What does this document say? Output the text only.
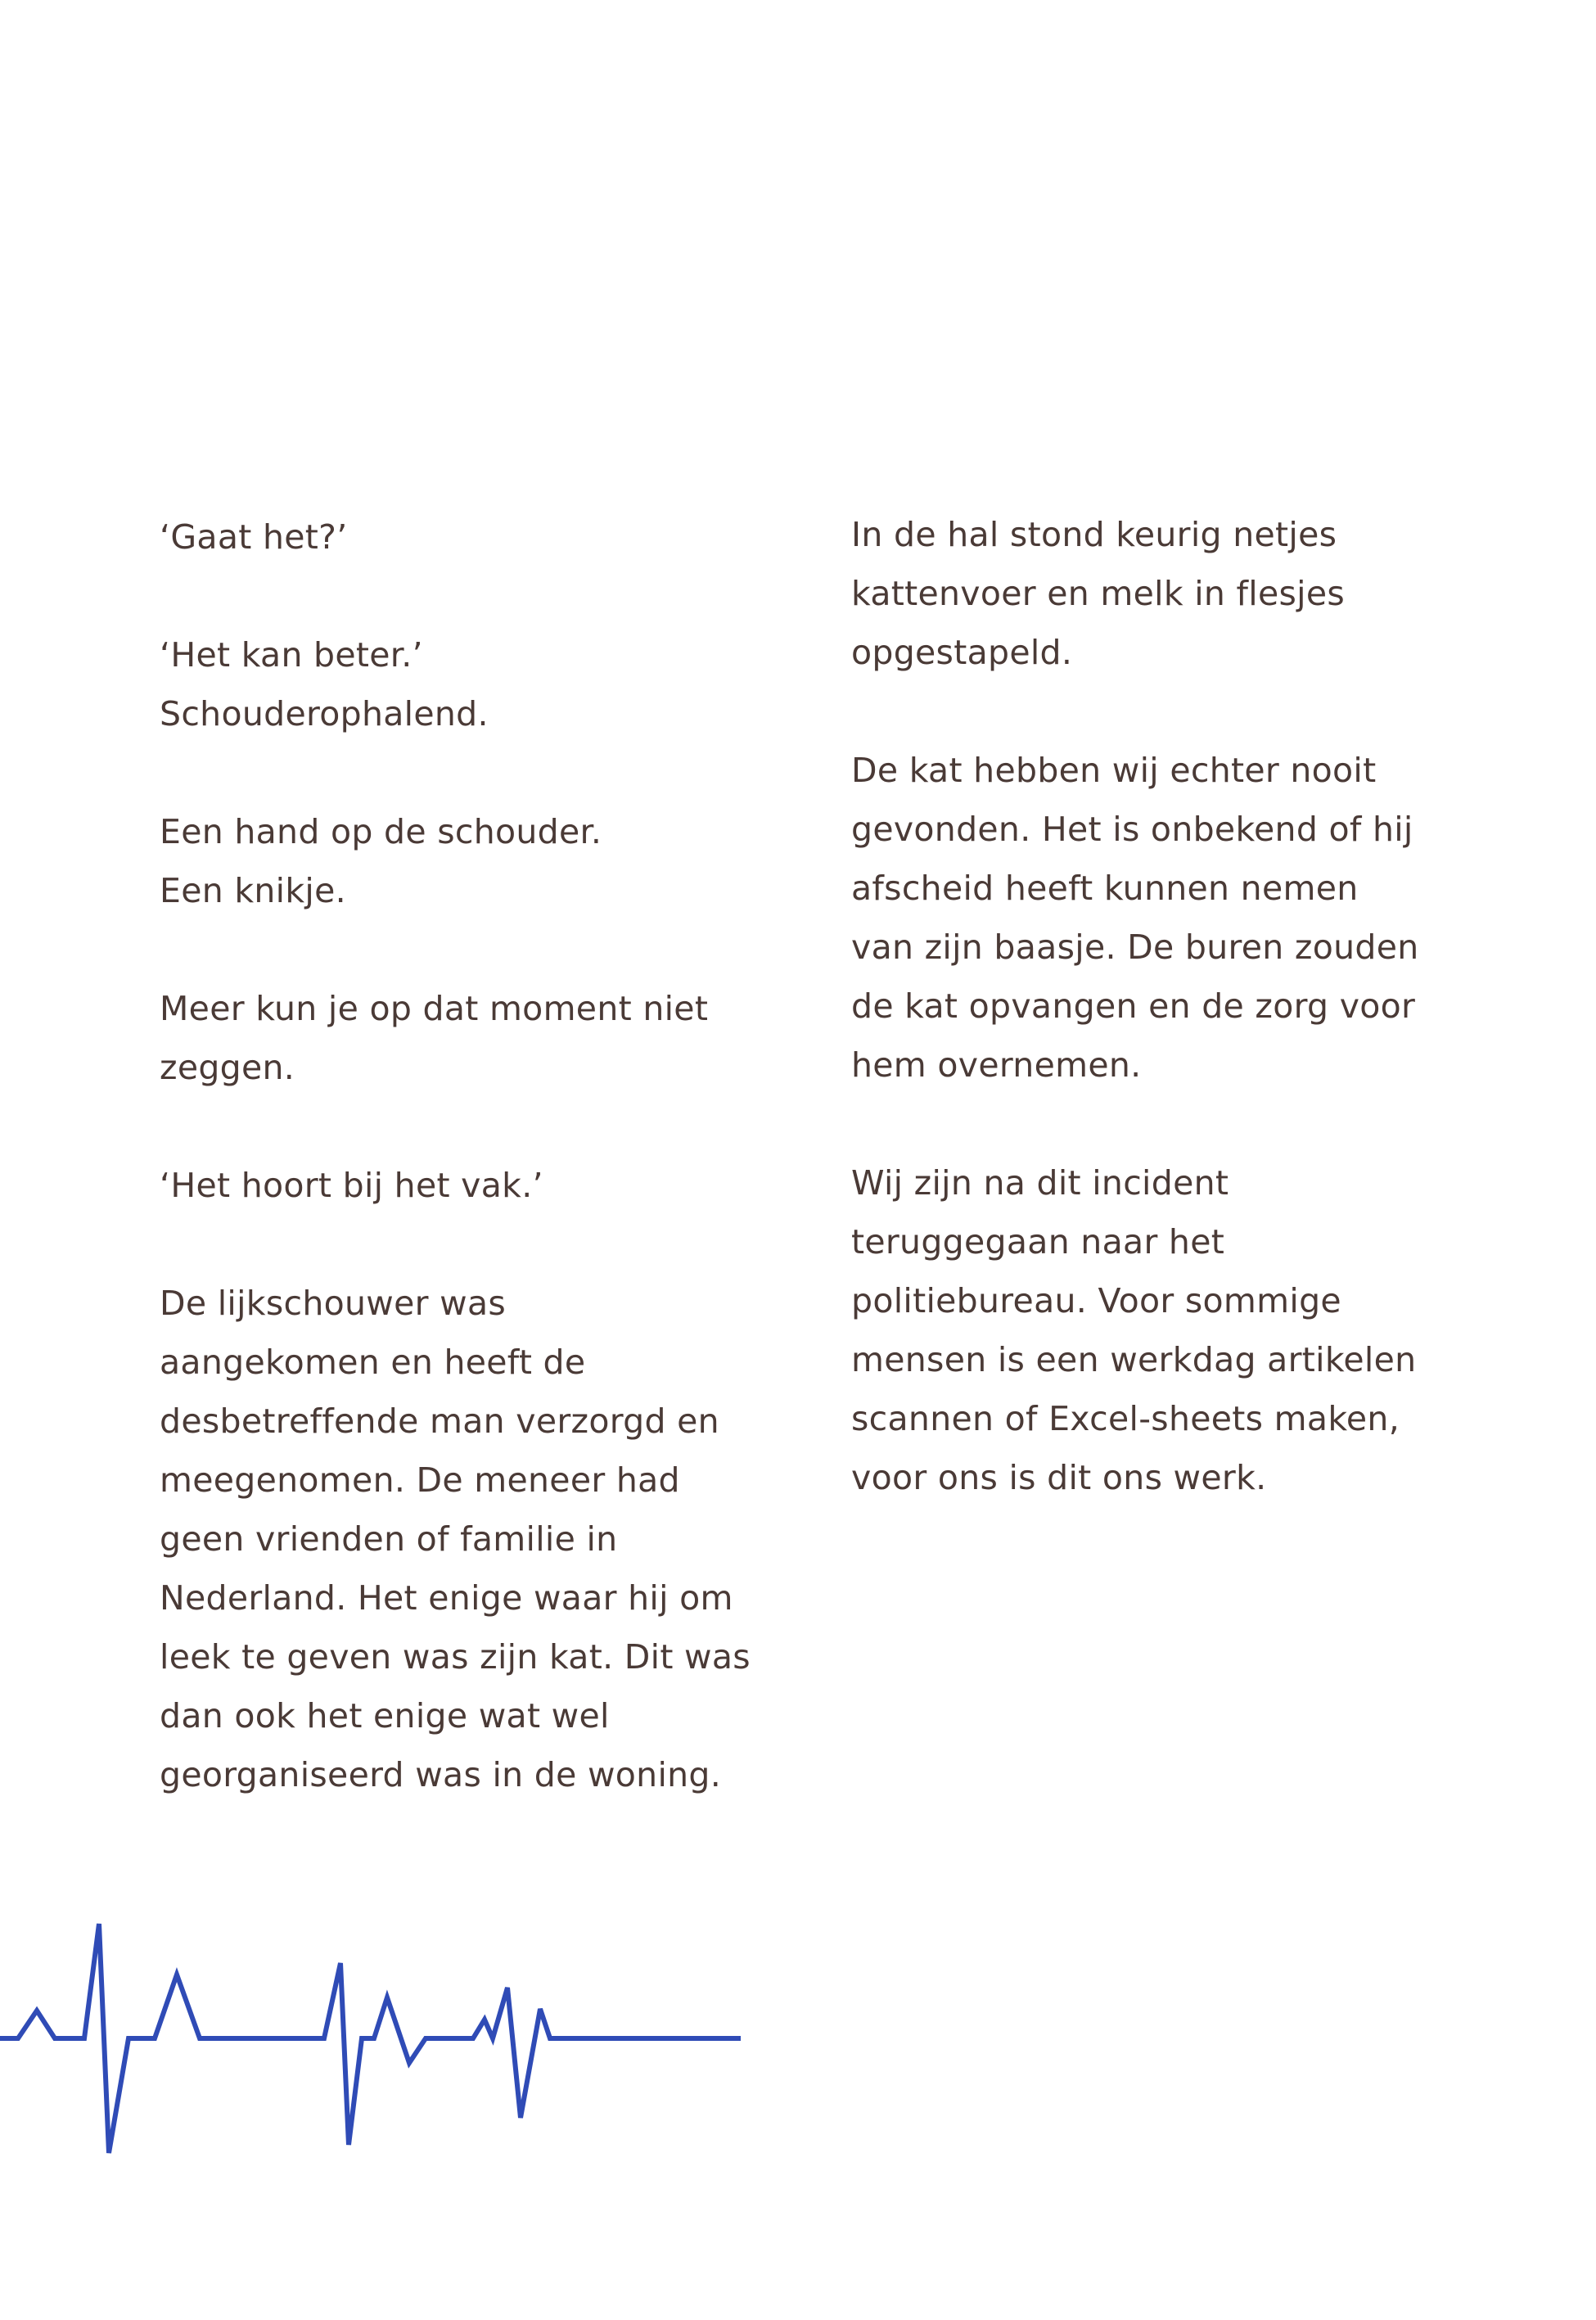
‘Gaat het?’

‘Het kan beter.’
Schouderophalend.

Een hand op de schouder.
Een knikje.

Meer kun je op dat moment niet
zeggen.

‘Het hoort bij het vak.’

De lijkschouwer was
aangekomen en heeft de
desbetreffende man verzorgd en
meegenomen. De meneer had
geen vrienden of familie in
Nederland. Het enige waar hij om
leek te geven was zijn kat. Dit was
dan ook het enige wat wel
georganiseerd was in de woning.

In de hal stond keurig netjes
kattenvoer en melk in flesjes
opgestapeld.

De kat hebben wij echter nooit
gevonden. Het is onbekend of hij
afscheid heeft kunnen nemen
van zijn baasje. De buren zouden
de kat opvangen en de zorg voor
hem overnemen.

Wij zijn na dit incident
teruggegaan naar het
politiebureau. Voor sommige
mensen is een werkdag artikelen
scannen of Excel-sheets maken,
voor ons is dit ons werk.
